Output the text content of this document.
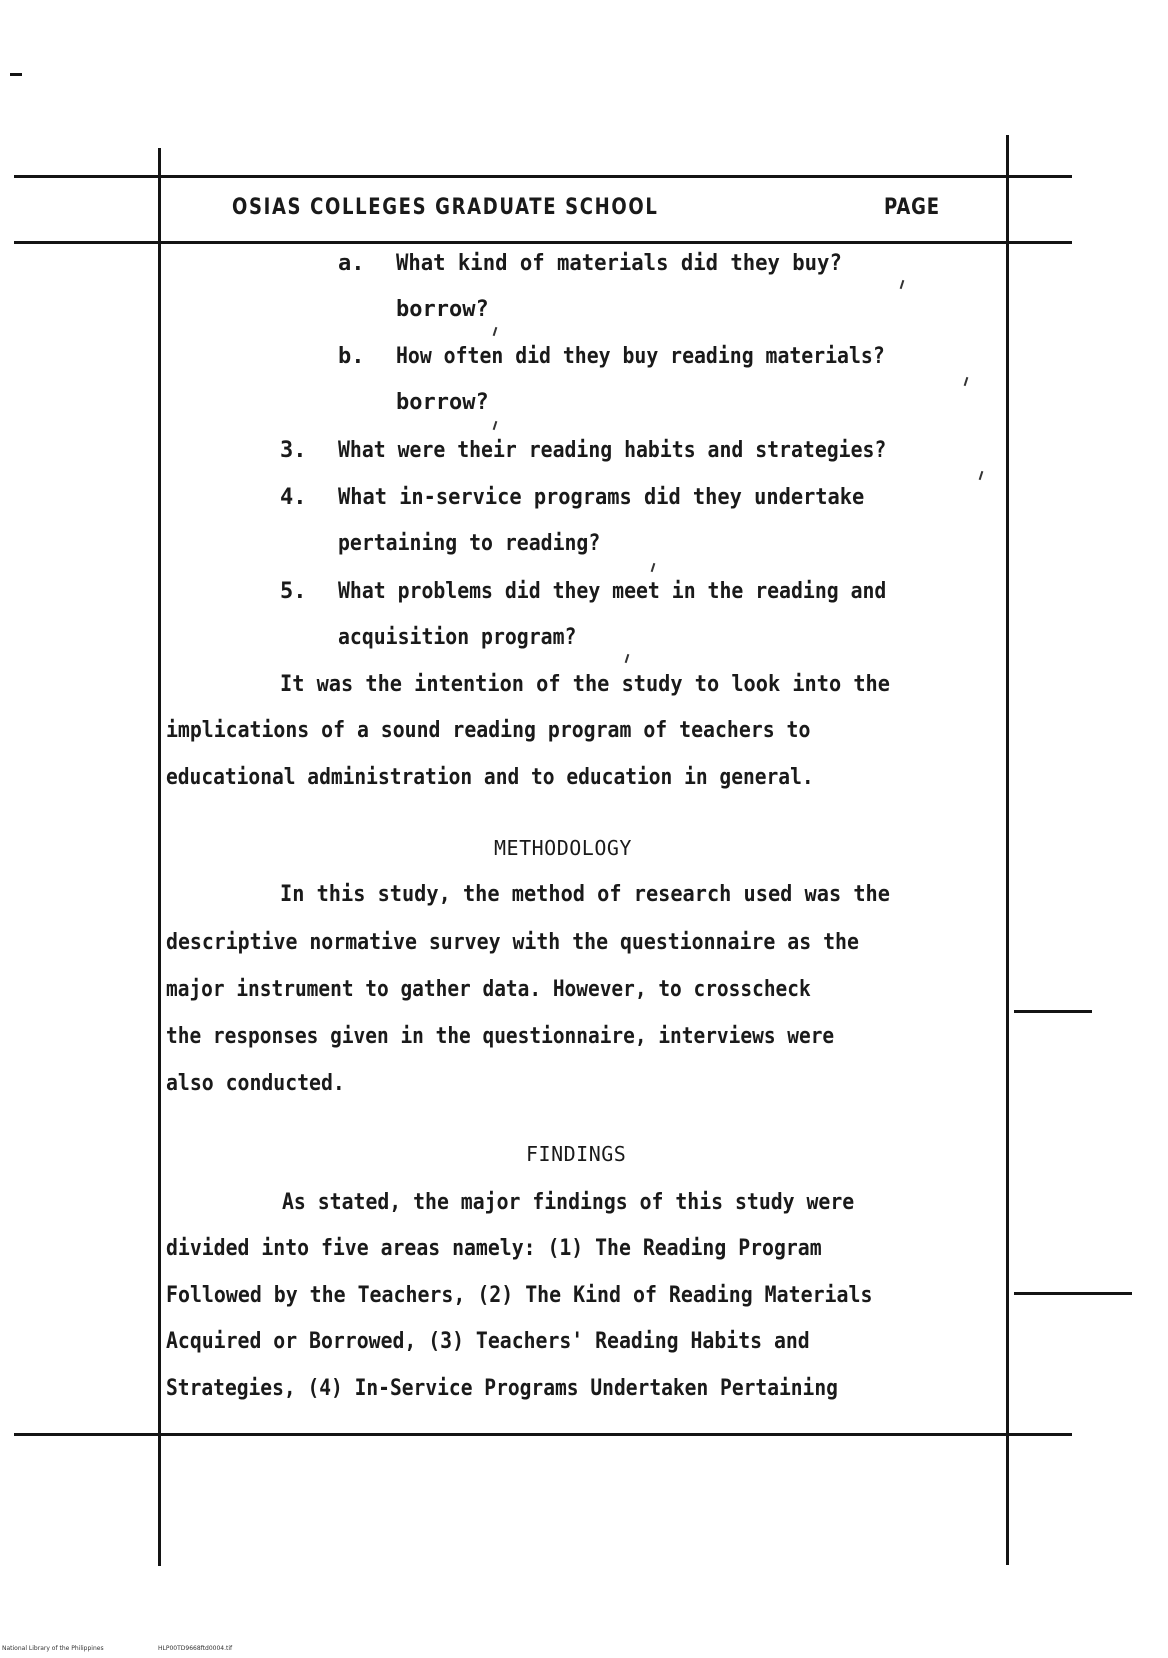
OSIAS COLLEGES GRADUATE SCHOOL	PAGE
a. What kind of materials did they buy?
borrow?
b. How often did they buy reading materials?
borrow?
3. What were their reading habits and strategies?
4. What in-service programs did they undertake
pertaining to reading?
5. What problems did they meet in the reading and
acquisition program?
It was the intention of the study to look into the
implications of a sound reading program of teachers to
educational administration and to education in general.
METHODOLOGY
In this study, the method of research used was the
descriptive normative survey with the questionnaire as the
major instrument to gather data. However, to crosscheck
the responses given in the questionnaire, interviews were
also conducted.
FINDINGS
As stated, the major findings of this study were
divided into five areas namely: (1) The Reading Program
Followed by the Teachers, (2) The Kind of Reading Materials
Acquired or Borrowed, (3) Teachers' Reading Habits and
Strategies, (4) In-Service Programs Undertaken Pertaining
National Library of the Philippines	HLP00TD9668ftd0004.tif
